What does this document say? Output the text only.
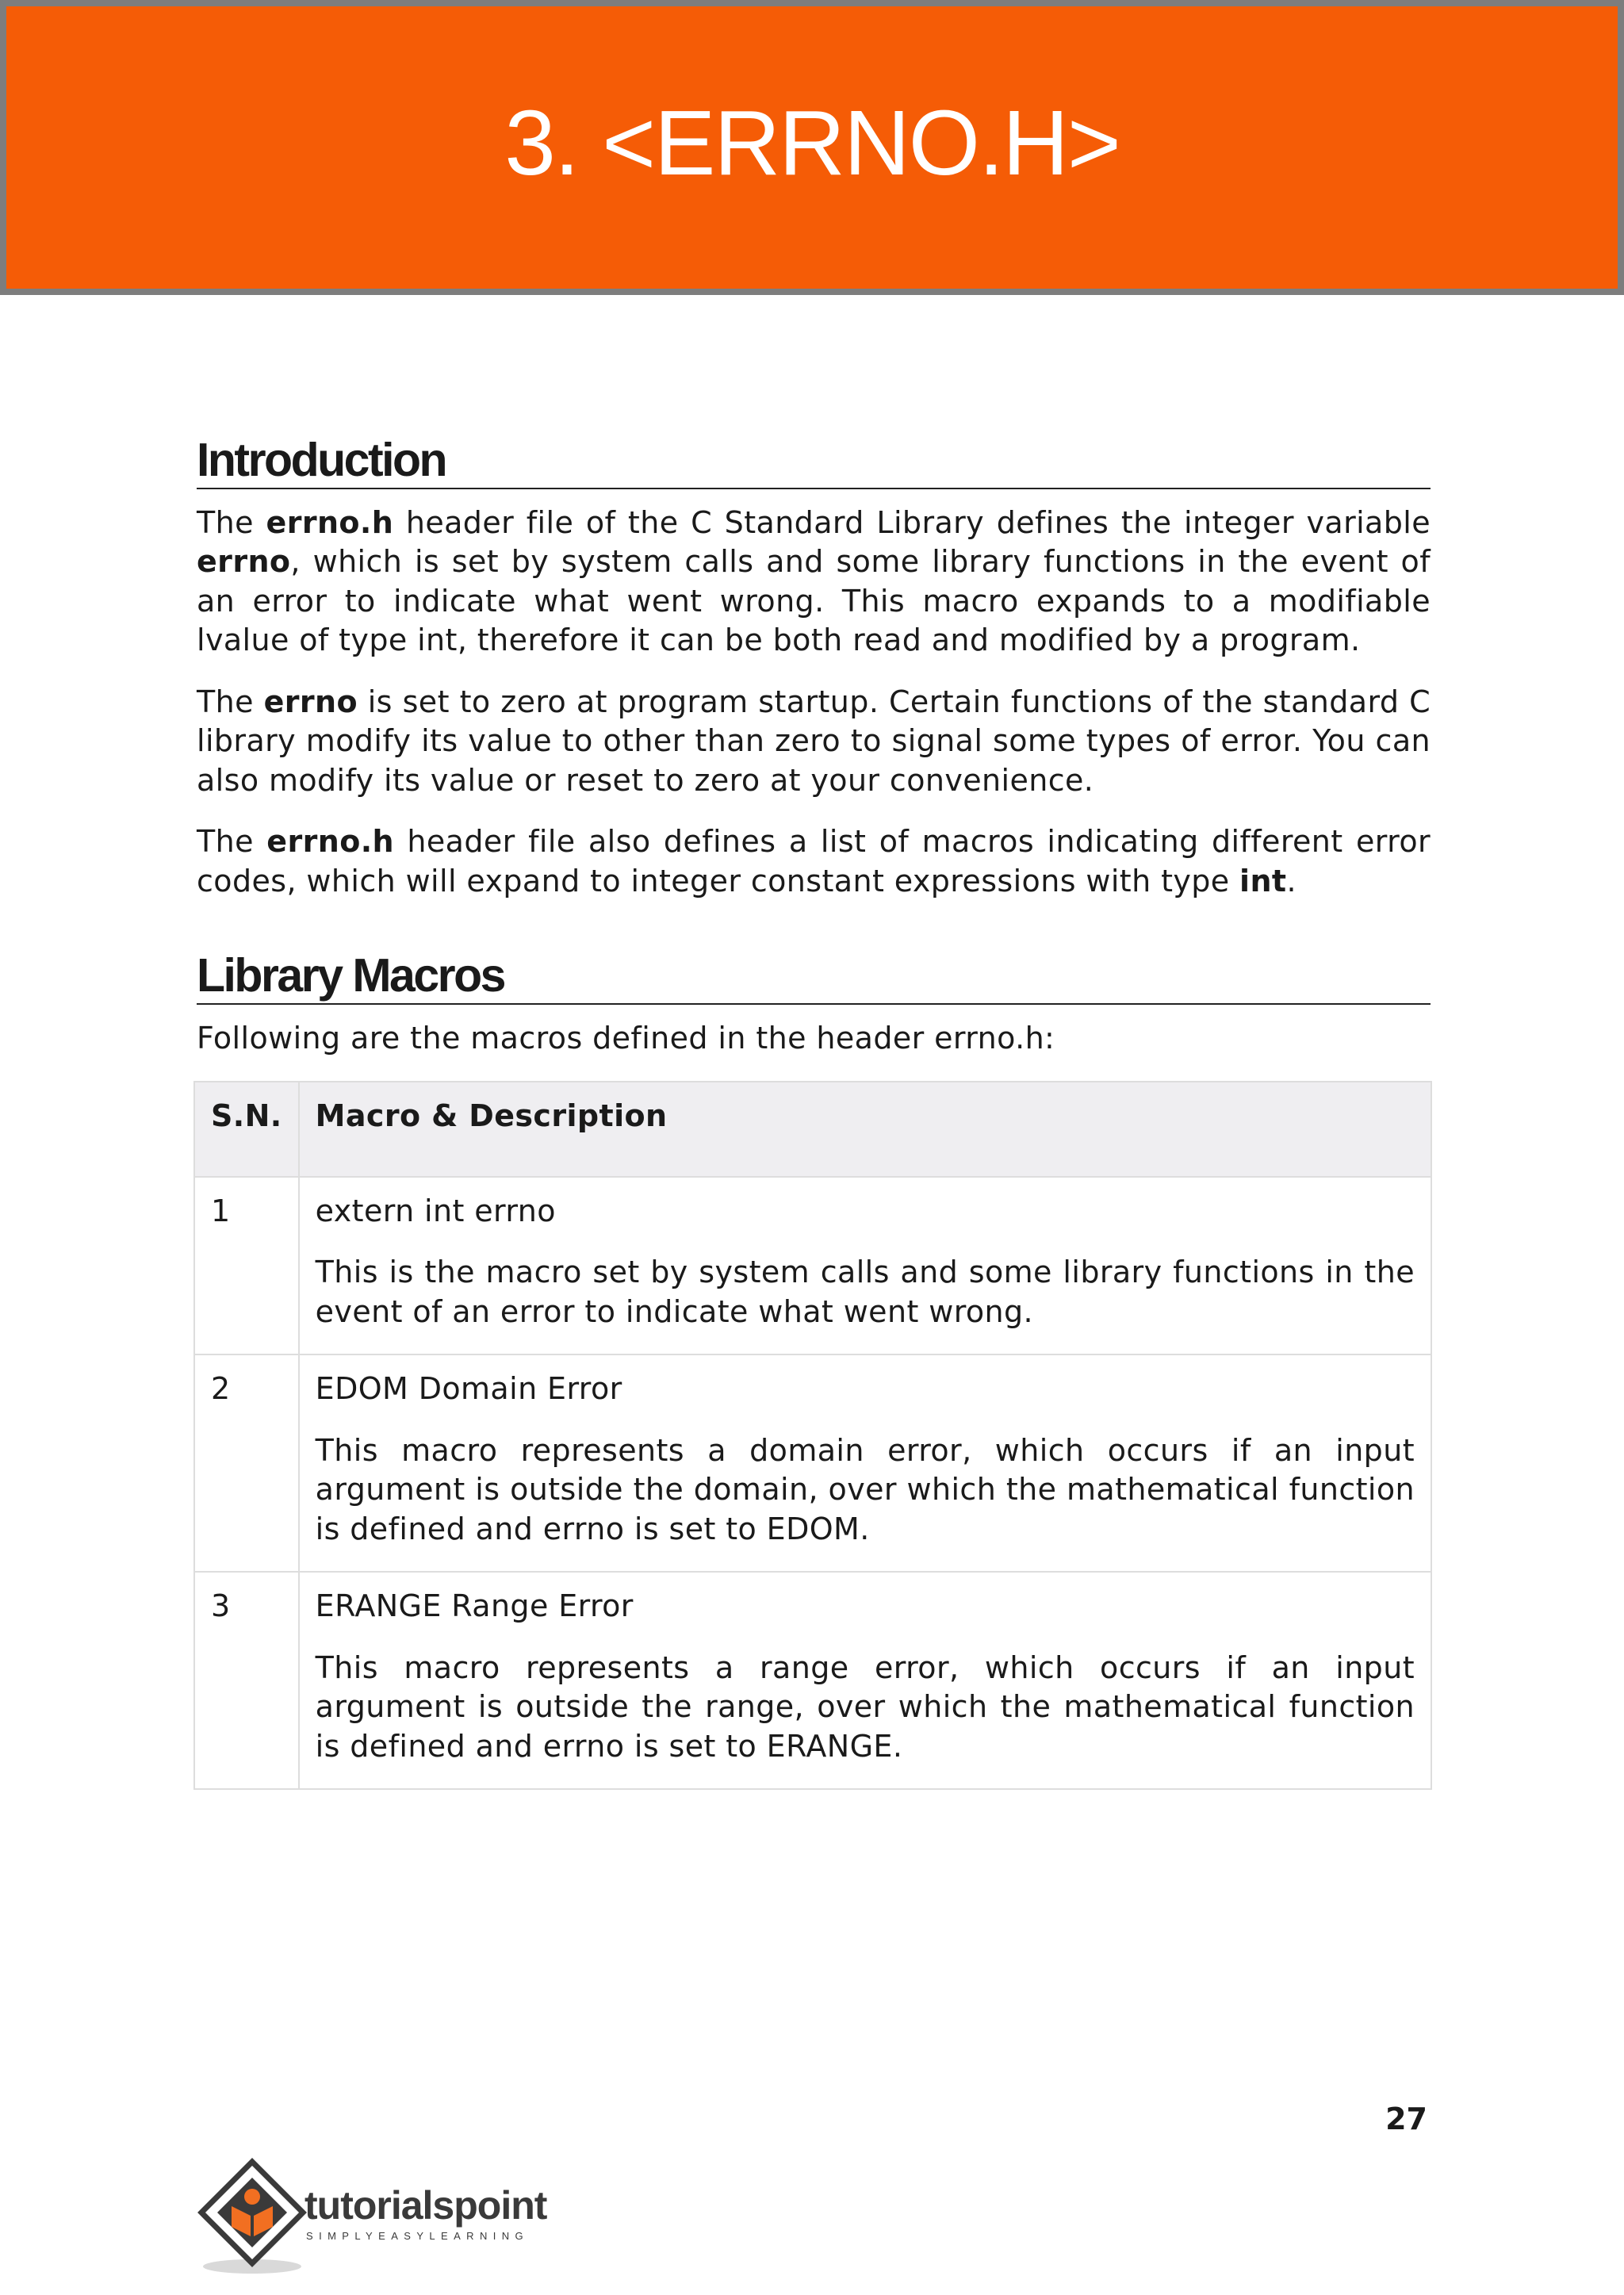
3. <ERRNO.H>
Introduction

The errno.h header file of the C Standard Library defines the integer variable errno, which is set by system calls and some library functions in the event of an error to indicate what went wrong. This macro expands to a modifiable lvalue of type int, therefore it can be both read and modified by a program.

The errno is set to zero at program startup. Certain functions of the standard C library modify its value to other than zero to signal some types of error. You can also modify its value or reset to zero at your convenience.

The errno.h header file also defines a list of macros indicating different error codes, which will expand to integer constant expressions with type int.

Library Macros

Following are the macros defined in the header errno.h:

S.N.	Macro & Description
1	extern int errno

This is the macro set by system calls and some library functions in the event of an error to indicate what went wrong.

2	EDOM Domain Error

This macro represents a domain error, which occurs if an input argument is outside the domain, over which the mathematical function is defined and errno is set to EDOM.

3	ERANGE Range Error

This macro represents a range error, which occurs if an input argument is outside the range, over which the mathematical function is defined and errno is set to ERANGE.

27
tutorialspoint
SIMPLYEASYLEARNING
